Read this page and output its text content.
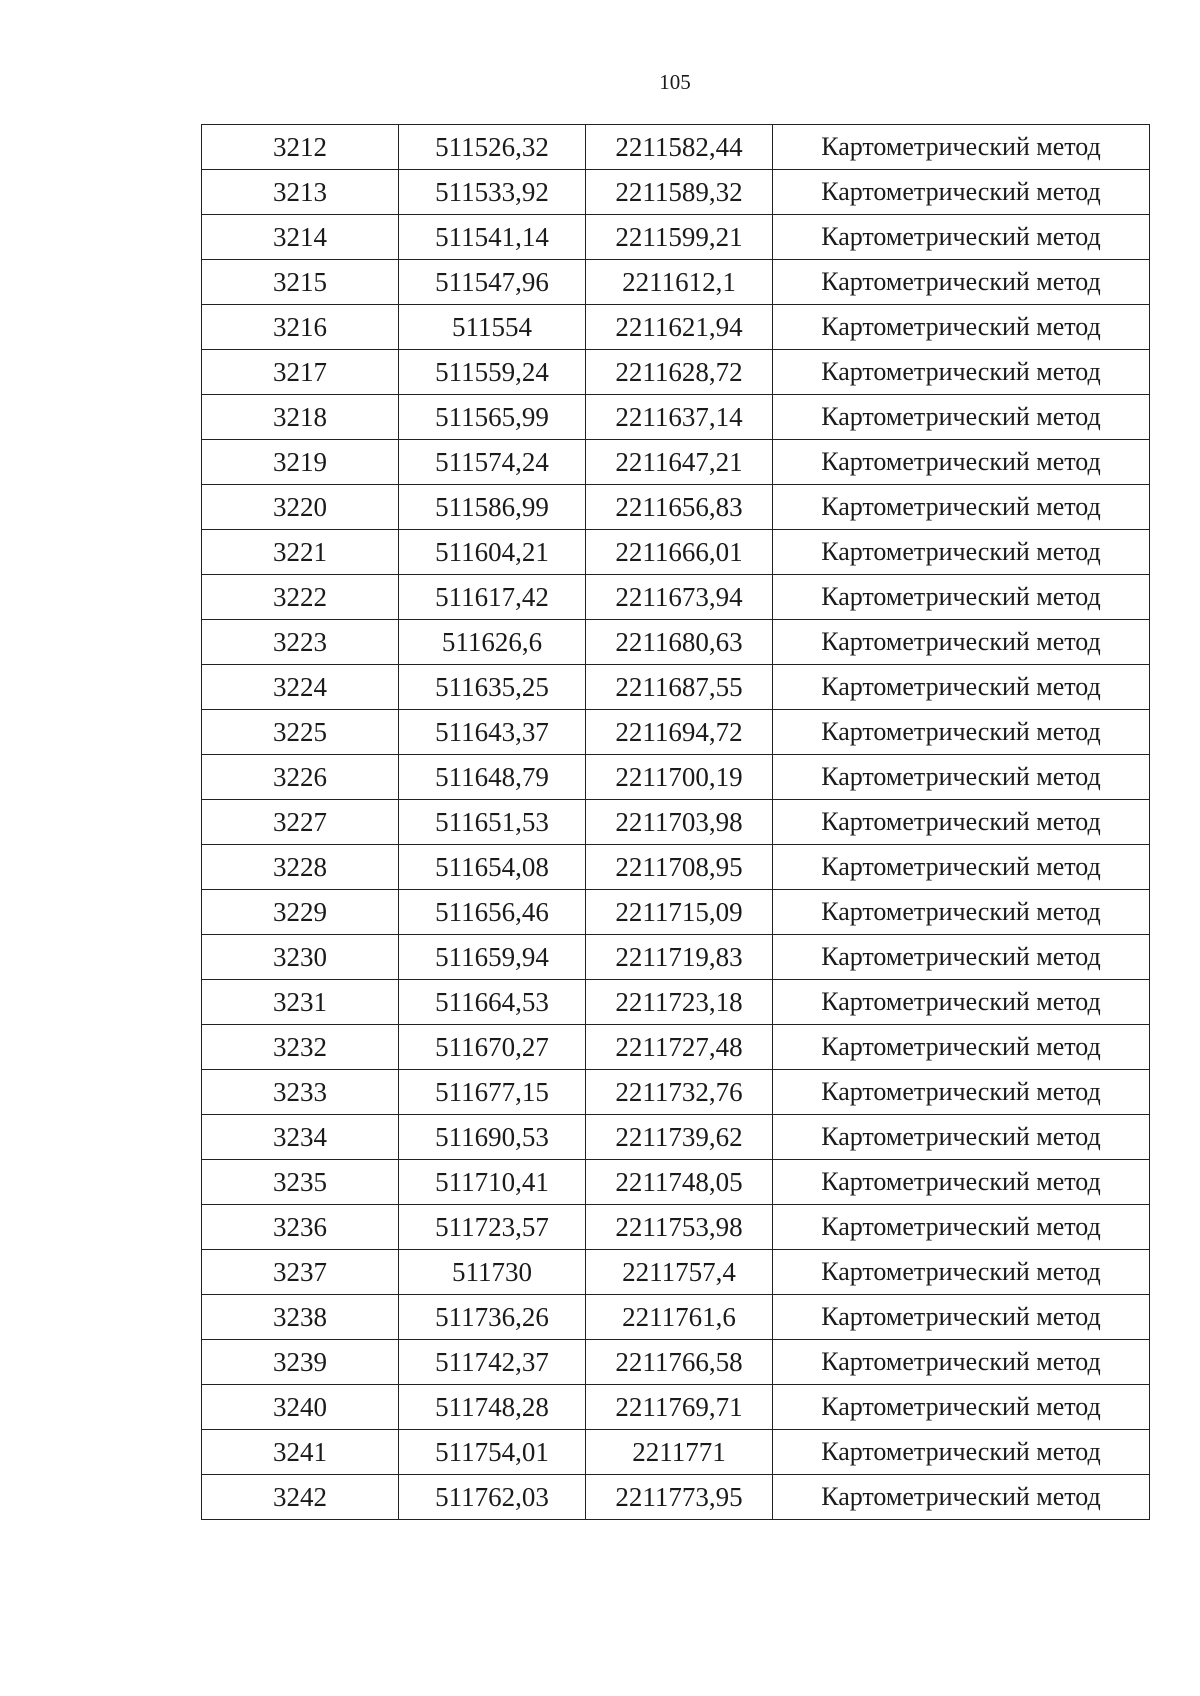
105
3212	511526,32	2211582,44	Картометрический метод
3213	511533,92	2211589,32	Картометрический метод
3214	511541,14	2211599,21	Картометрический метод
3215	511547,96	2211612,1	Картометрический метод
3216	511554	2211621,94	Картометрический метод
3217	511559,24	2211628,72	Картометрический метод
3218	511565,99	2211637,14	Картометрический метод
3219	511574,24	2211647,21	Картометрический метод
3220	511586,99	2211656,83	Картометрический метод
3221	511604,21	2211666,01	Картометрический метод
3222	511617,42	2211673,94	Картометрический метод
3223	511626,6	2211680,63	Картометрический метод
3224	511635,25	2211687,55	Картометрический метод
3225	511643,37	2211694,72	Картометрический метод
3226	511648,79	2211700,19	Картометрический метод
3227	511651,53	2211703,98	Картометрический метод
3228	511654,08	2211708,95	Картометрический метод
3229	511656,46	2211715,09	Картометрический метод
3230	511659,94	2211719,83	Картометрический метод
3231	511664,53	2211723,18	Картометрический метод
3232	511670,27	2211727,48	Картометрический метод
3233	511677,15	2211732,76	Картометрический метод
3234	511690,53	2211739,62	Картометрический метод
3235	511710,41	2211748,05	Картометрический метод
3236	511723,57	2211753,98	Картометрический метод
3237	511730	2211757,4	Картометрический метод
3238	511736,26	2211761,6	Картометрический метод
3239	511742,37	2211766,58	Картометрический метод
3240	511748,28	2211769,71	Картометрический метод
3241	511754,01	2211771	Картометрический метод
3242	511762,03	2211773,95	Картометрический метод
